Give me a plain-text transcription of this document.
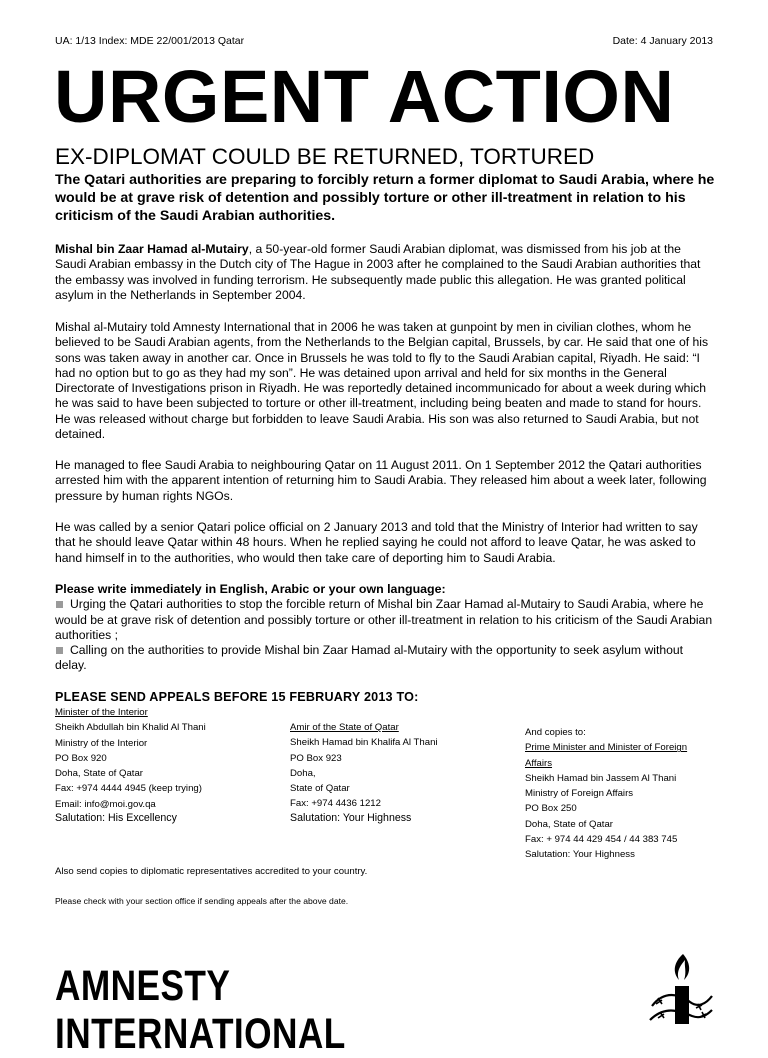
UA: 1/13 Index: MDE 22/001/2013 Qatar	Date: 4 January 2013
URGENT ACTION
EX-DIPLOMAT COULD BE RETURNED, TORTURED
The Qatari authorities are preparing to forcibly return a former diplomat to Saudi Arabia, where he would be at grave risk of detention and possibly torture or other ill-treatment in relation to his criticism of the Saudi Arabian authorities.
Mishal bin Zaar Hamad al-Mutairy, a 50-year-old former Saudi Arabian diplomat, was dismissed from his job at the Saudi Arabian embassy in the Dutch city of The Hague in 2003 after he complained to the Saudi Arabian authorities that the embassy was involved in funding terrorism. He subsequently made public this allegation. He was granted political asylum in the Netherlands in September 2004.
Mishal al-Mutairy told Amnesty International that in 2006 he was taken at gunpoint by men in civilian clothes, whom he believed to be Saudi Arabian agents, from the Netherlands to the Belgian capital, Brussels, by car. He said that one of his sons was taken away in another car. Once in Brussels he was told to fly to the Saudi Arabian capital, Riyadh. He said: “I had no option but to go as they had my son”. He was detained upon arrival and held for six months in the General Directorate of Investigations prison in Riyadh. He was reportedly detained incommunicado for about a week during which he was said to have been subjected to torture or other ill-treatment, including being beaten and made to stand for hours. He was released without charge but forbidden to leave Saudi Arabia. His son was also returned to Saudi Arabia, but not detained.
He managed to flee Saudi Arabia to neighbouring Qatar on 11 August 2011. On 1 September 2012 the Qatari authorities arrested him with the apparent intention of returning him to Saudi Arabia. They released him about a week later, following pressure by human rights NGOs.
He was called by a senior Qatari police official on 2 January 2013 and told that the Ministry of Interior had written to say that he should leave Qatar within 48 hours. When he replied saying he could not afford to leave Qatar, he was asked to hand himself in to the authorities, who would then take care of deporting him to Saudi Arabia.
Please write immediately in English, Arabic or your own language:
Urging the Qatari authorities to stop the forcible return of Mishal bin Zaar Hamad al-Mutairy to Saudi Arabia, where he would be at grave risk of detention and possibly torture or other ill-treatment in relation to his criticism of the Saudi Arabian authorities ;
Calling on the authorities to provide Mishal bin Zaar Hamad al-Mutairy with the opportunity to seek asylum without delay.
PLEASE SEND APPEALS BEFORE 15 FEBRUARY 2013 TO:
Minister of the Interior
Sheikh Abdullah bin Khalid Al Thani
Ministry of the Interior
PO Box 920
Doha, State of Qatar
Fax: +974 4444 4945 (keep trying)
Email: info@moi.gov.qa
Salutation: His Excellency
Amir of the State of Qatar
Sheikh Hamad bin Khalifa Al Thani
PO Box 923
Doha,
State of Qatar
Fax: +974 4436 1212
Salutation: Your Highness
And copies to:
Prime Minister and Minister of Foreign
Affairs
Sheikh Hamad bin Jassem Al Thani
Ministry of Foreign Affairs
PO Box 250
Doha, State of Qatar
Fax: + 974 44 429 454 / 44 383 745
Salutation: Your Highness
Also send copies to diplomatic representatives accredited to your country.
Please check with your section office if sending appeals after the above date.
AMNESTY
INTERNATIONAL
